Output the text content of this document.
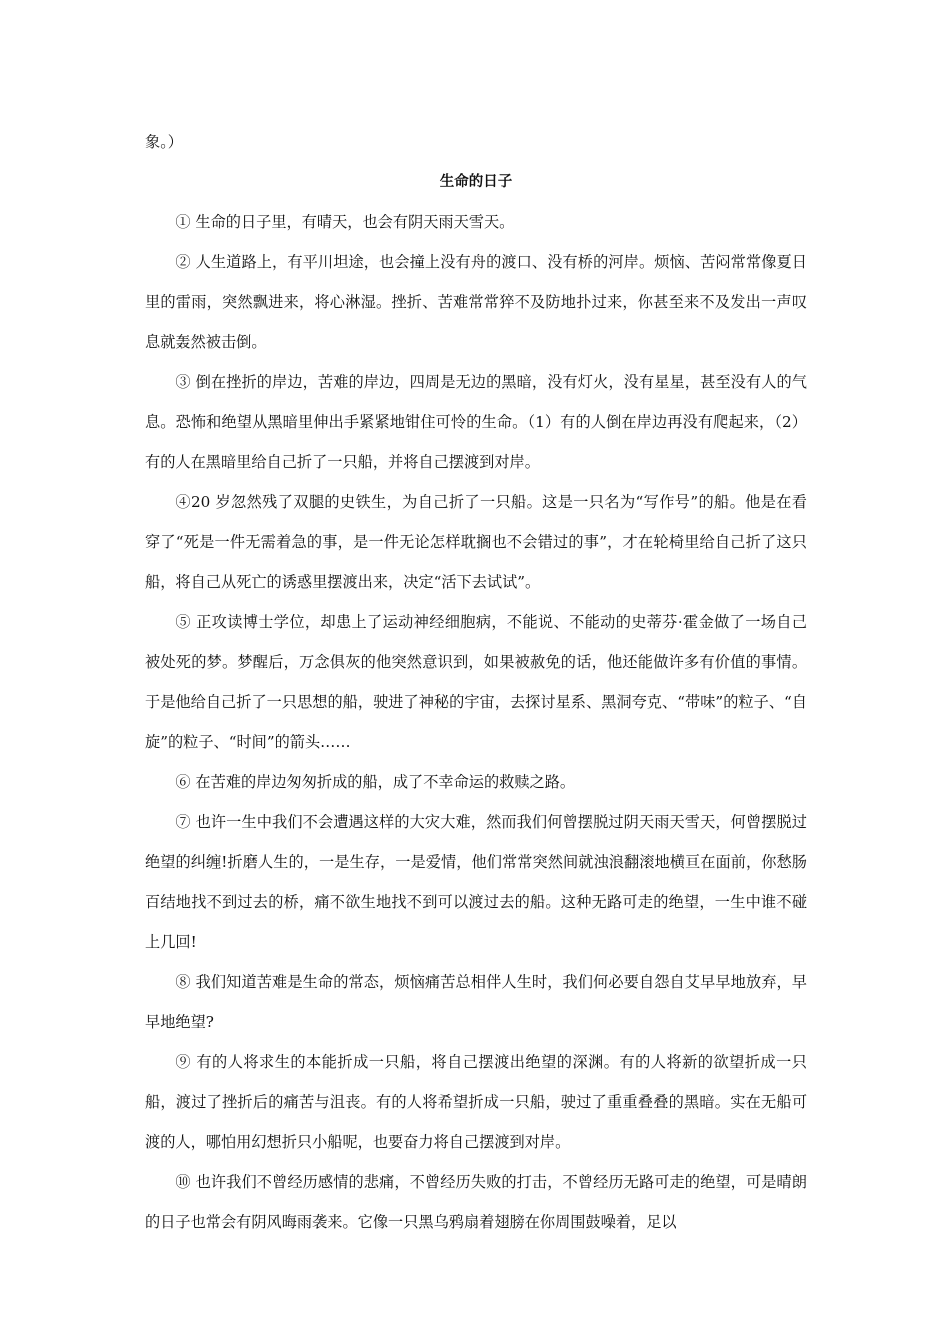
象。）

生命的日子

① 生命的日子里，有晴天，也会有阴天雨天雪天。

② 人生道路上，有平川坦途，也会撞上没有舟的渡口、没有桥的河岸。烦恼、苦闷常常像夏日里的雷雨，突然飘进来，将心淋湿。挫折、苦难常常猝不及防地扑过来，你甚至来不及发出一声叹息就轰然被击倒。

③ 倒在挫折的岸边，苦难的岸边，四周是无边的黑暗，没有灯火，没有星星，甚至没有人的气息。恐怖和绝望从黑暗里伸出手紧紧地钳住可怜的生命。（1）有的人倒在岸边再没有爬起来，（2）有的人在黑暗里给自己折了一只船，并将自己摆渡到对岸。

④20 岁忽然残了双腿的史铁生，为自己折了一只船。这是一只名为“写作号”的船。他是在看穿了“死是一件无需着急的事，是一件无论怎样耽搁也不会错过的事”，才在轮椅里给自己折了这只船，将自己从死亡的诱惑里摆渡出来，决定“活下去试试”。

⑤ 正攻读博士学位，却患上了运动神经细胞病，不能说、不能动的史蒂芬·霍金做了一场自己被处死的梦。梦醒后，万念俱灰的他突然意识到，如果被赦免的话，他还能做许多有价值的事情。于是他给自己折了一只思想的船，驶进了神秘的宇宙，去探讨星系、黑洞夸克、“带味”的粒子、“自旋”的粒子、“时间”的箭头……

⑥ 在苦难的岸边匆匆折成的船，成了不幸命运的救赎之路。

⑦ 也许一生中我们不会遭遇这样的大灾大难，然而我们何曾摆脱过阴天雨天雪天，何曾摆脱过绝望的纠缠!折磨人生的，一是生存，一是爱情，他们常常突然间就浊浪翻滚地横亘在面前，你愁肠百结地找不到过去的桥，痛不欲生地找不到可以渡过去的船。这种无路可走的绝望，一生中谁不碰上几回!

⑧ 我们知道苦难是生命的常态，烦恼痛苦总相伴人生时，我们何必要自怨自艾早早地放弃，早早地绝望?

⑨ 有的人将求生的本能折成一只船，将自己摆渡出绝望的深渊。有的人将新的欲望折成一只船，渡过了挫折后的痛苦与沮丧。有的人将希望折成一只船，驶过了重重叠叠的黑暗。实在无船可渡的人，哪怕用幻想折只小船呢，也要奋力将自己摆渡到对岸。

⑩ 也许我们不曾经历感情的悲痛，不曾经历失败的打击，不曾经历无路可走的绝望，可是晴朗的日子也常会有阴风晦雨袭来。它像一只黑乌鸦扇着翅膀在你周围鼓噪着，足以
